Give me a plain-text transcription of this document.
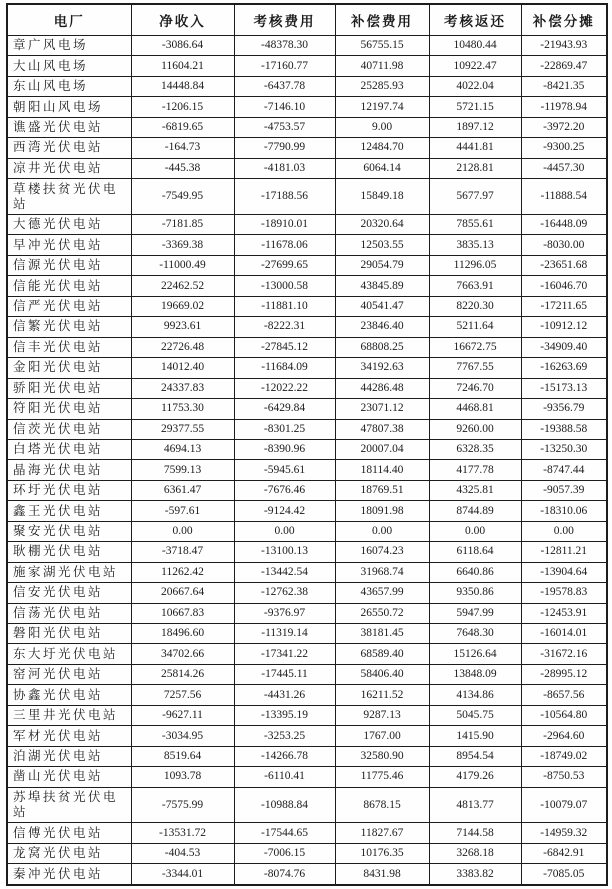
电厂	净收入	考核费用	补偿费用	考核返还	补偿分摊
章广风电场	-3086.64	-48378.30	56755.15	10480.44	-21943.93
大山风电场	11604.21	-17160.77	40711.98	10922.47	-22869.47
东山风电场	14448.84	-6437.78	25285.93	4022.04	-8421.35
朝阳山风电场	-1206.15	-7146.10	12197.74	5721.15	-11978.94
谯盛光伏电站	-6819.65	-4753.57	9.00	1897.12	-3972.20
西湾光伏电站	-164.73	-7790.99	12484.70	4441.81	-9300.25
凉井光伏电站	-445.38	-4181.03	6064.14	2128.81	-4457.30
草楼扶贫光伏电站	-7549.95	-17188.56	15849.18	5677.97	-11888.54
大德光伏电站	-7181.85	-18910.01	20320.64	7855.61	-16448.09
早冲光伏电站	-3369.38	-11678.06	12503.55	3835.13	-8030.00
信源光伏电站	-11000.49	-27699.65	29054.79	11296.05	-23651.68
信能光伏电站	22462.52	-13000.58	43845.89	7663.91	-16046.70
信严光伏电站	19669.02	-11881.10	40541.47	8220.30	-17211.65
信繁光伏电站	9923.61	-8222.31	23846.40	5211.64	-10912.12
信丰光伏电站	22726.48	-27845.12	68808.25	16672.75	-34909.40
金阳光伏电站	14012.40	-11684.09	34192.63	7767.55	-16263.69
骄阳光伏电站	24337.83	-12022.22	44286.48	7246.70	-15173.13
符阳光伏电站	11753.30	-6429.84	23071.12	4468.81	-9356.79
信茨光伏电站	29377.55	-8301.25	47807.38	9260.00	-19388.58
白塔光伏电站	4694.13	-8390.96	20007.04	6328.35	-13250.30
晶海光伏电站	7599.13	-5945.61	18114.40	4177.78	-8747.44
环圩光伏电站	6361.47	-7676.46	18769.51	4325.81	-9057.39
鑫王光伏电站	-597.61	-9124.42	18091.98	8744.89	-18310.06
聚安光伏电站	0.00	0.00	0.00	0.00	0.00
耿棚光伏电站	-3718.47	-13100.13	16074.23	6118.64	-12811.21
施家湖光伏电站	11262.42	-13442.54	31968.74	6640.86	-13904.64
信安光伏电站	20667.64	-12762.38	43657.99	9350.86	-19578.83
信荡光伏电站	10667.83	-9376.97	26550.72	5947.99	-12453.91
磐阳光伏电站	18496.60	-11319.14	38181.45	7648.30	-16014.01
东大圩光伏电站	34702.66	-17341.22	68589.40	15126.64	-31672.16
窑河光伏电站	25814.26	-17445.11	58406.40	13848.09	-28995.12
协鑫光伏电站	7257.56	-4431.26	16211.52	4134.86	-8657.56
三里井光伏电站	-9627.11	-13395.19	9287.13	5045.75	-10564.80
军材光伏电站	-3034.95	-3253.25	1767.00	1415.90	-2964.60
泊湖光伏电站	8519.64	-14266.78	32580.90	8954.54	-18749.02
凿山光伏电站	1093.78	-6110.41	11775.46	4179.26	-8750.53
苏埠扶贫光伏电站	-7575.99	-10988.84	8678.15	4813.77	-10079.07
信傅光伏电站	-13531.72	-17544.65	11827.67	7144.58	-14959.32
龙窝光伏电站	-404.53	-7006.15	10176.35	3268.18	-6842.91
秦冲光伏电站	-3344.01	-8074.76	8431.98	3383.82	-7085.05
